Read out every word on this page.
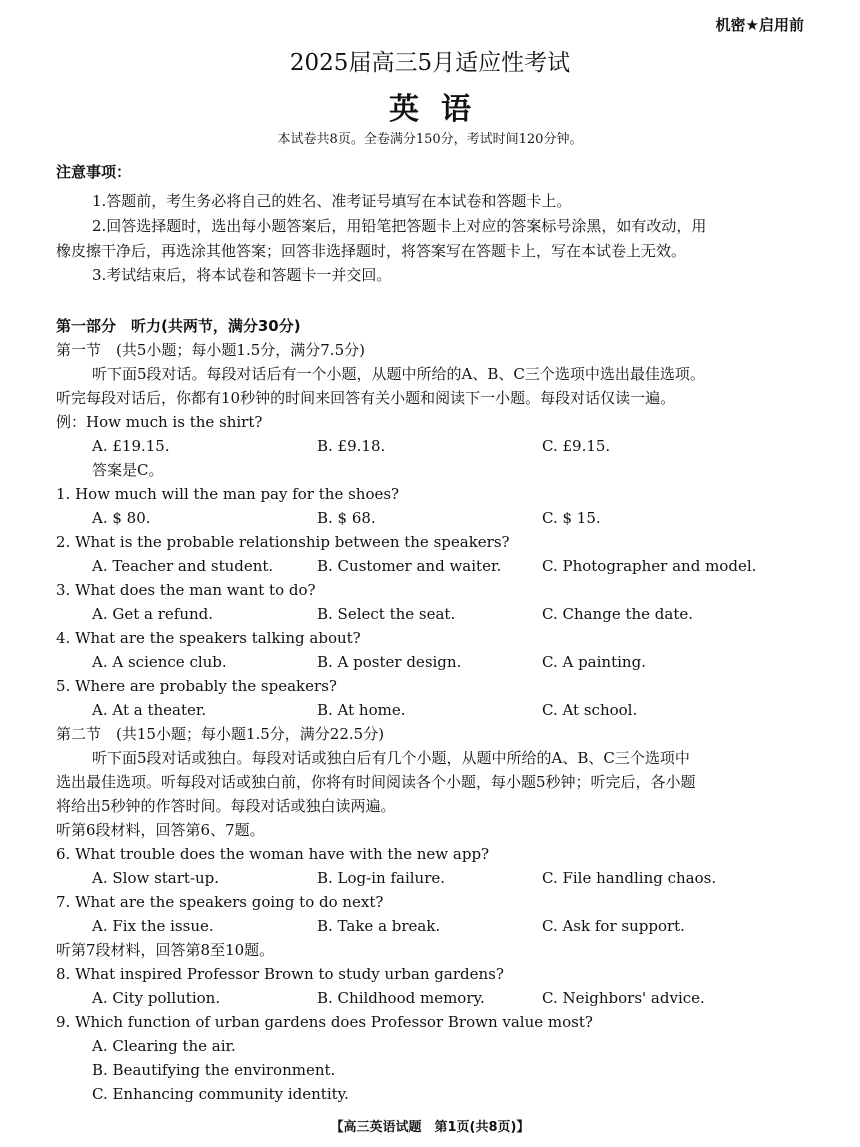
机密★启用前
2025届高三5月适应性考试
英语
本试卷共8页。全卷满分150分，考试时间120分钟。
注意事项：
1.答题前，考生务必将自己的姓名、准考证号填写在本试卷和答题卡上。
2.回答选择题时，选出每小题答案后，用铅笔把答题卡上对应的答案标号涂黑，如有改动，用
橡皮擦干净后，再选涂其他答案；回答非选择题时，将答案写在答题卡上，写在本试卷上无效。
3.考试结束后，将本试卷和答题卡一并交回。
第一部分　听力(共两节，满分30分)
第一节　(共5小题；每小题1.5分，满分7.5分)
听下面5段对话。每段对话后有一个小题，从题中所给的A、B、C三个选项中选出最佳选项。
听完每段对话后，你都有10秒钟的时间来回答有关小题和阅读下一小题。每段对话仅读一遍。
例：How much is the shirt?
A. £19.15.	B. £9.18.	C. £9.15.
答案是C。
1. How much will the man pay for the shoes?
A. $ 80.	B. $ 68.	C. $ 15.
2. What is the probable relationship between the speakers?
A. Teacher and student.	B. Customer and waiter.	C. Photographer and model.
3. What does the man want to do?
A. Get a refund.	B. Select the seat.	C. Change the date.
4. What are the speakers talking about?
A. A science club.	B. A poster design.	C. A painting.
5. Where are probably the speakers?
A. At a theater.	B. At home.	C. At school.
第二节　(共15小题；每小题1.5分，满分22.5分)
听下面5段对话或独白。每段对话或独白后有几个小题，从题中所给的A、B、C三个选项中
选出最佳选项。听每段对话或独白前，你将有时间阅读各个小题，每小题5秒钟；听完后，各小题
将给出5秒钟的作答时间。每段对话或独白读两遍。
听第6段材料，回答第6、7题。
6. What trouble does the woman have with the new app?
A. Slow start-up.	B. Log-in failure.	C. File handling chaos.
7. What are the speakers going to do next?
A. Fix the issue.	B. Take a break.	C. Ask for support.
听第7段材料，回答第8至10题。
8. What inspired Professor Brown to study urban gardens?
A. City pollution.	B. Childhood memory.	C. Neighbors' advice.
9. Which function of urban gardens does Professor Brown value most?
A. Clearing the air.
B. Beautifying the environment.
C. Enhancing community identity.
【高三英语试题　第1页(共8页)】
